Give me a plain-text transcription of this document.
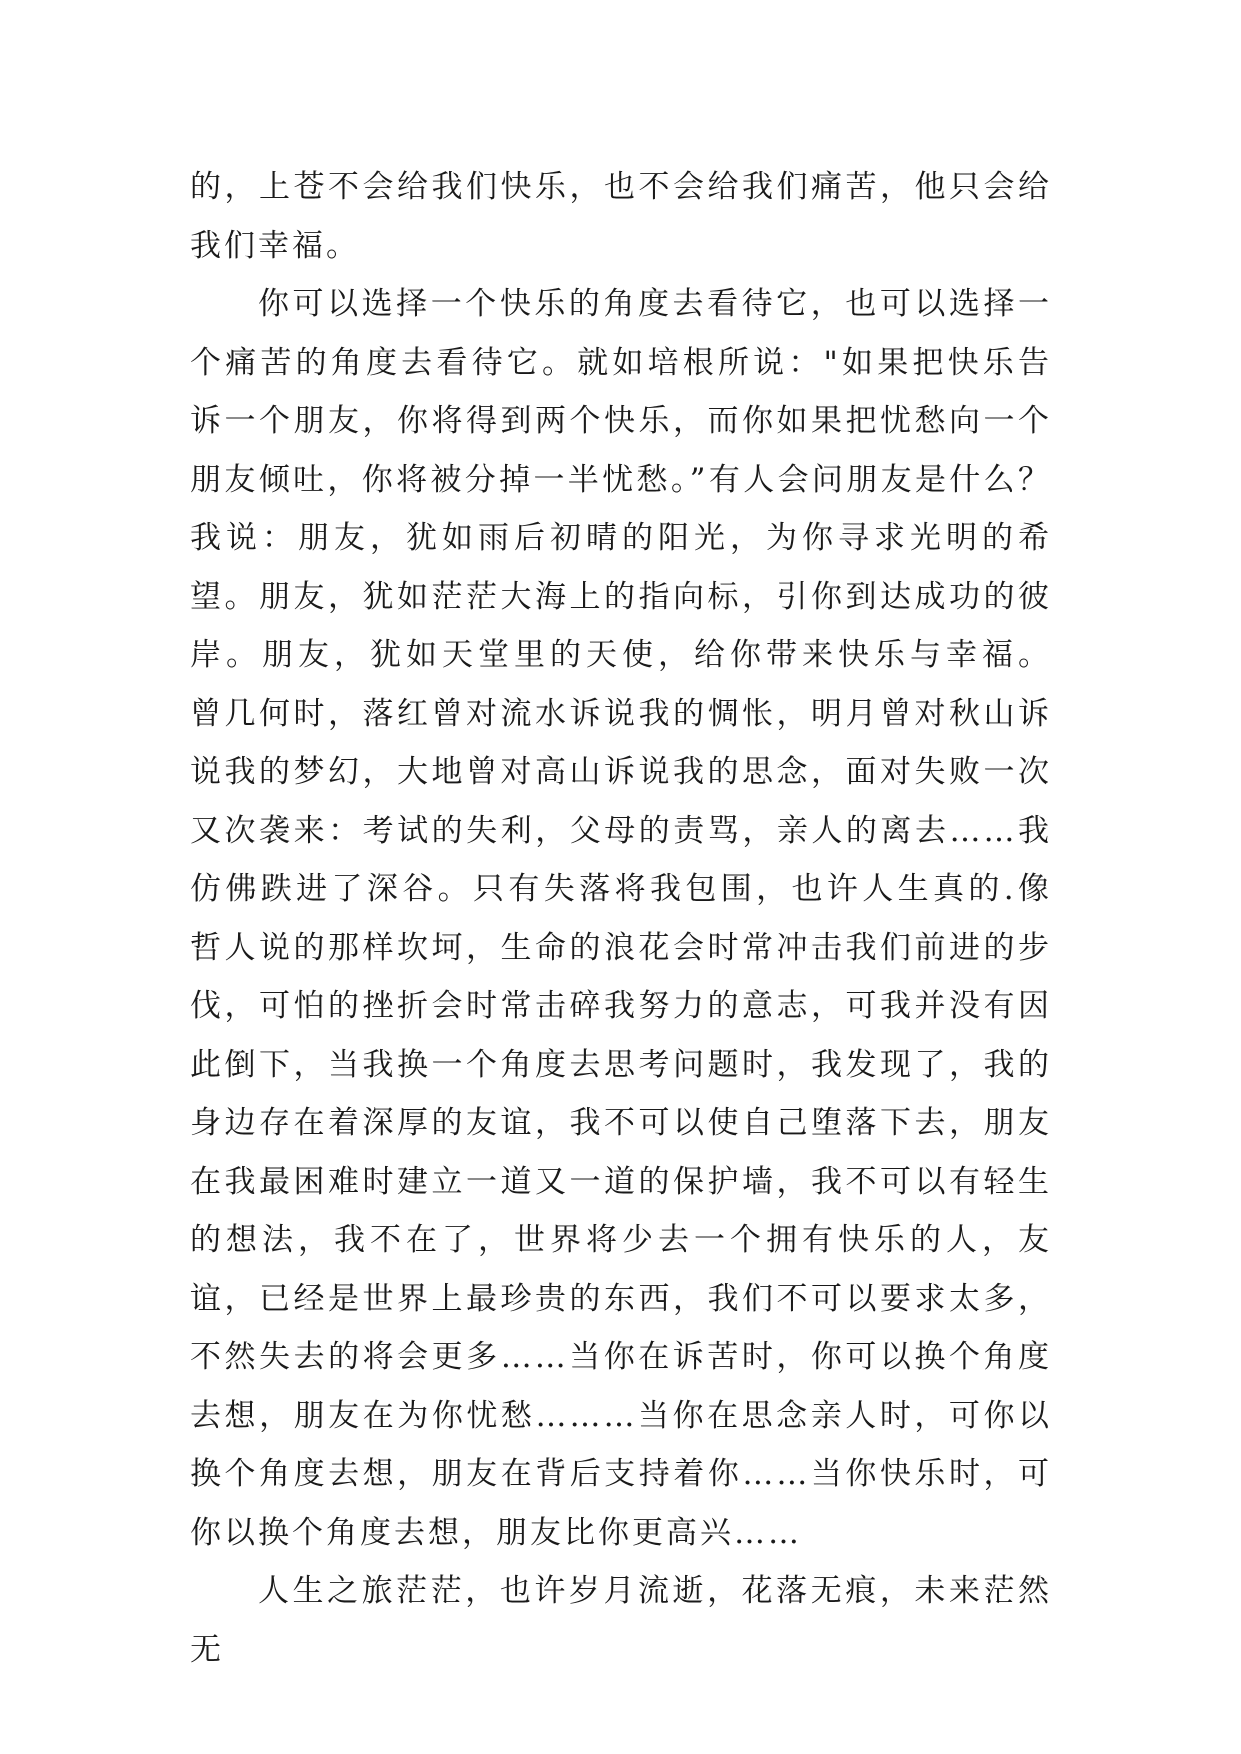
的，上苍不会给我们快乐，也不会给我们痛苦，他只会给我们幸福。

你可以选择一个快乐的角度去看待它，也可以选择一个痛苦的角度去看待它。就如培根所说："如果把快乐告诉一个朋友，你将得到两个快乐，而你如果把忧愁向一个朋友倾吐，你将被分掉一半忧愁。”有人会问朋友是什么？我说：朋友，犹如雨后初晴的阳光，为你寻求光明的希望。朋友，犹如茫茫大海上的指向标，引你到达成功的彼岸。朋友，犹如天堂里的天使，给你带来快乐与幸福。 曾几何时，落红曾对流水诉说我的惆怅，明月曾对秋山诉说我的梦幻，大地曾对高山诉说我的思念，面对失败一次又次袭来：考试的失利，父母的责骂，亲人的离去……我仿佛跌进了深谷。只有失落将我包围，也许人生真的.像哲人说的那样坎坷，生命的浪花会时常冲击我们前进的步伐，可怕的挫折会时常击碎我努力的意志，可我并没有因此倒下，当我换一个角度去思考问题时，我发现了，我的身边存在着深厚的友谊，我不可以使自己堕落下去，朋友在我最困难时建立一道又一道的保护墙，我不可以有轻生的想法，我不在了，世界将少去一个拥有快乐的人，友谊，已经是世界上最珍贵的东西，我们不可以要求太多，不然失去的将会更多……当你在诉苦时，你可以换个角度去想，朋友在为你忧愁………当你在思念亲人时，可你以换个角度去想，朋友在背后支持着你……当你快乐时，可你以换个角度去想，朋友比你更高兴……

人生之旅茫茫，也许岁月流逝，花落无痕，未来茫然无
